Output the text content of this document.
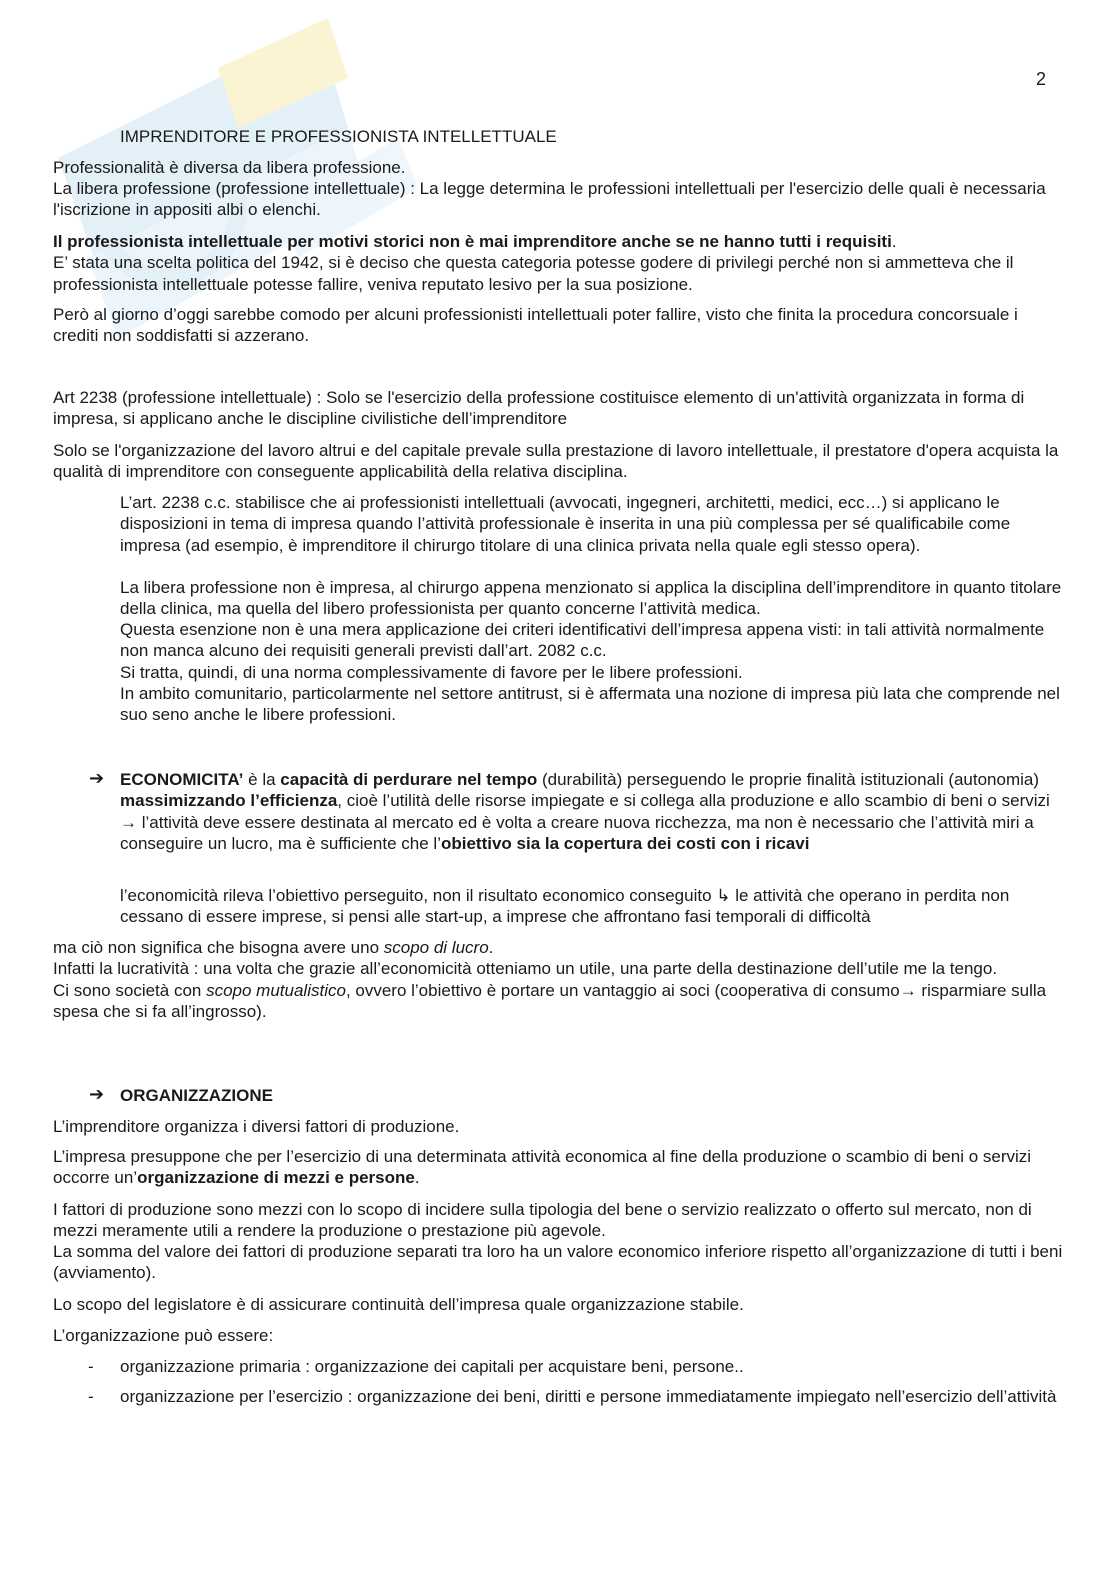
2

IMPRENDITORE E PROFESSIONISTA INTELLETTUALE

Professionalità è diversa da libera professione.

La libera professione (professione intellettuale) : La legge determina le professioni intellettuali per l'esercizio delle quali è necessaria l'iscrizione in appositi albi o elenchi.

Il professionista intellettuale per motivi storici non è mai imprenditore anche se ne hanno tutti i requisiti.
E’ stata una scelta politica del 1942, si è deciso che questa categoria potesse godere di privilegi perché non si ammetteva che il professionista intellettuale potesse fallire, veniva reputato lesivo per la sua posizione.

Però al giorno d’oggi sarebbe comodo per alcuni professionisti intellettuali poter fallire, visto che finita la procedura concorsuale i crediti non soddisfatti si azzerano.

Art 2238 (professione intellettuale) : Solo se l'esercizio della professione costituisce elemento di un'attività organizzata in forma di impresa, si applicano anche le discipline civilistiche dell’imprenditore

Solo se l'organizzazione del lavoro altrui e del capitale prevale sulla prestazione di lavoro intellettuale, il prestatore d'opera acquista la qualità di imprenditore con conseguente applicabilità della relativa disciplina.

L’art. 2238 c.c. stabilisce che ai professionisti intellettuali (avvocati, ingegneri, architetti, medici, ecc…) si applicano le disposizioni in tema di impresa quando l’attività professionale è inserita in una più complessa per sé qualificabile come impresa (ad esempio, è imprenditore il chirurgo titolare di una clinica privata nella quale egli stesso opera).

La libera professione non è impresa, al chirurgo appena menzionato si applica la disciplina dell’imprenditore in quanto titolare della clinica, ma quella del libero professionista per quanto concerne l’attività medica.

Questa esenzione non è una mera applicazione dei criteri identificativi dell’impresa appena visti: in tali attività normalmente non manca alcuno dei requisiti generali previsti dall’art. 2082 c.c.

Si tratta, quindi, di una norma complessivamente di favore per le libere professioni.

In ambito comunitario, particolarmente nel settore antitrust, si è affermata una nozione di impresa più lata che comprende nel suo seno anche le libere professioni.

➔ ECONOMICITA’ è la capacità di perdurare nel tempo (durabilità) perseguendo le proprie finalità istituzionali (autonomia) massimizzando l’efficienza, cioè l’utilità delle risorse impiegate e si collega alla produzione e allo scambio di beni o servizi
→ l’attività deve essere destinata al mercato ed è volta a creare nuova ricchezza, ma non è necessario che l’attività miri a conseguire un lucro, ma è sufficiente che l’obiettivo sia la copertura dei costi con i ricavi

l’economicità rileva l’obiettivo perseguito, non il risultato economico conseguito ↳ le attività che operano in perdita non cessano di essere imprese, si pensi alle start-up, a imprese che affrontano fasi temporali di difficoltà

ma ciò non significa che bisogna avere uno scopo di lucro.
Infatti la lucratività : una volta che grazie all’economicità otteniamo un utile, una parte della destinazione dell’utile me la tengo.
Ci sono società con scopo mutualistico, ovvero l’obiettivo è portare un vantaggio ai soci (cooperativa di consumo→ risparmiare sulla spesa che si fa all’ingrosso).

➔ ORGANIZZAZIONE

L’imprenditore organizza i diversi fattori di produzione.

L’impresa presuppone che per l’esercizio di una determinata attività economica al fine della produzione o scambio di beni o servizi occorre un’organizzazione di mezzi e persone.

I fattori di produzione sono mezzi con lo scopo di incidere sulla tipologia del bene o servizio realizzato o offerto sul mercato, non di mezzi meramente utili a rendere la produzione o prestazione più agevole.

La somma del valore dei fattori di produzione separati tra loro ha un valore economico inferiore rispetto all’organizzazione di tutti i beni (avviamento).

Lo scopo del legislatore è di assicurare continuità dell’impresa quale organizzazione stabile.

L’organizzazione può essere:

- organizzazione primaria : organizzazione dei capitali per acquistare beni, persone..

- organizzazione per l’esercizio : organizzazione dei beni, diritti e persone immediatamente impiegato nell’esercizio dell’attività
